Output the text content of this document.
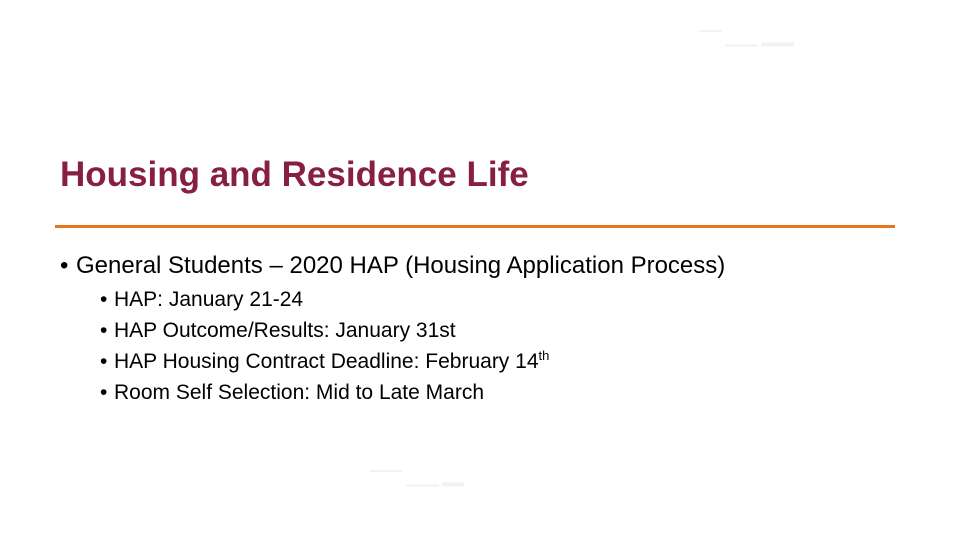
▔▔ ▁▁▁ ▂▂▂
▔▔▔ ▁▁▁ ▂▂
Housing and Residence Life
• General Students – 2020 HAP (Housing Application Process)
• HAP: January 21-24
• HAP Outcome/Results: January 31st
• HAP Housing Contract Deadline: February 14th
• Room Self Selection: Mid to Late March
